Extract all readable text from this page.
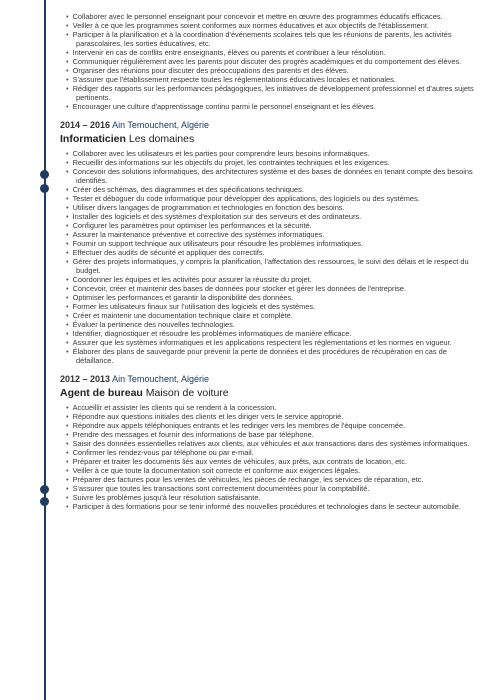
• Collaborer avec le personnel enseignant pour concevoir et mettre en œuvre des programmes éducatifs efficaces.
• Veiller à ce que les programmes soient conformes aux normes éducatives et aux objectifs de l'établissement.
• Participer à la planification et à la coordination d'événements scolaires tels que les réunions de parents, les activités parascolaires, les sorties éducatives, etc.
• Intervenir en cas de conflits entre enseignants, élèves ou parents et contribuer à leur résolution.
• Communiquer régulièrement avec les parents pour discuter des progrès académiques et du comportement des élèves.
• Organiser des réunions pour discuter des préoccupations des parents et des élèves.
• S'assurer que l'établissement respecte toutes les réglementations éducatives locales et nationales.
• Rédiger des rapports sur les performances pédagogiques, les initiatives de développement professionnel et d'autres sujets pertinents.
• Encourager une culture d'apprentissage continu parmi le personnel enseignant et les élèves.
2014 – 2016 Ain Temouchent, Algérie
Informaticien Les domaines
• Collaborer avec les utilisateurs et les parties pour comprendre leurs besoins informatiques.
• Recueillir des informations sur les objectifs du projet, les contraintes techniques et les exigences.
• Concevoir des solutions informatiques, des architectures système et des bases de données en tenant compte des besoins identifiés.
• Créer des schémas, des diagrammes et des spécifications techniques.
• Tester et déboguer du code informatique pour développer des applications, des logiciels ou des systèmes.
• Utiliser divers langages de programmation et technologies en fonction des besoins.
• Installer des logiciels et des systèmes d'exploitation sur des serveurs et des ordinateurs.
• Configurer les paramètres pour optimiser les performances et la sécurité.
• Assurer la maintenance préventive et corrective des systèmes informatiques.
• Fournir un support technique aux utilisateurs pour résoudre les problèmes informatiques.
• Effectuer des audits de sécurité et appliquer des correctifs.
• Gérer des projets informatiques, y compris la planification, l'affectation des ressources, le suivi des délais et le respect du budget.
• Coordonner les équipes et les activités pour assurer la réussite du projet.
• Concevoir, créer et maintenir des bases de données pour stocker et gérer les données de l'entreprise.
• Optimiser les performances et garantir la disponibilité des données.
• Former les utilisateurs finaux sur l'utilisation des logiciels et des systèmes.
• Créer et maintenir une documentation technique claire et complète.
• Évaluer la pertinence des nouvelles technologies.
• Identifier, diagnostiquer et résoudre les problèmes informatiques de manière efficace.
• Assurer que les systèmes informatiques et les applications respectent les réglementations et les normes en vigueur.
• Élaborer des plans de sauvegarde pour prévenir la perte de données et des procédures de récupération en cas de défaillance.
2012 – 2013 Ain Temouchent, Algérie
Agent de bureau Maison de voiture
• Accueillir et assister les clients qui se rendent à la concession.
• Répondre aux questions initiales des clients et les diriger vers le service approprié.
• Répondre aux appels téléphoniques entrants et les rediriger vers les membres de l'équipe concernée.
• Prendre des messages et fournir des informations de base par téléphone.
• Saisir des données essentielles relatives aux clients, aux véhicules et aux transactions dans des systèmes informatiques.
• Confirmer les rendez-vous par téléphone ou par e-mail.
• Préparer et traiter les documents liés aux ventes de véhicules, aux prêts, aux contrats de location, etc.
• Veiller à ce que toute la documentation soit correcte et conforme aux exigences légales.
• Préparer des factures pour les ventes de véhicules, les pièces de rechange, les services de réparation, etc.
• S'assurer que toutes les transactions sont correctement documentées pour la comptabilité.
• Suivre les problèmes jusqu'à leur résolution satisfaisante.
• Participer à des formations pour se tenir informé des nouvelles procédures et technologies dans le secteur automobile.
